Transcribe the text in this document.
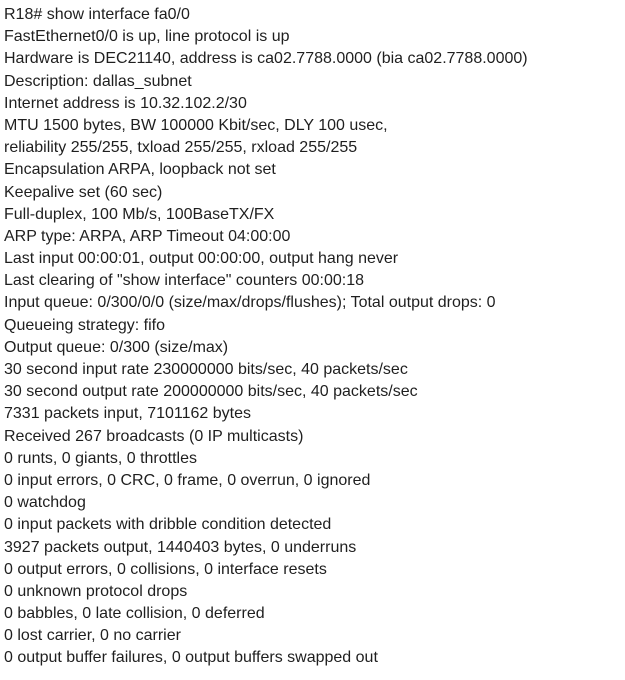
R18# show interface fa0/0
FastEthernet0/0 is up, line protocol is up
Hardware is DEC21140, address is ca02.7788.0000 (bia ca02.7788.0000)
Description: dallas_subnet
Internet address is 10.32.102.2/30
MTU 1500 bytes, BW 100000 Kbit/sec, DLY 100 usec,
reliability 255/255, txload 255/255, rxload 255/255
Encapsulation ARPA, loopback not set
Keepalive set (60 sec)
Full-duplex, 100 Mb/s, 100BaseTX/FX
ARP type: ARPA, ARP Timeout 04:00:00
Last input 00:00:01, output 00:00:00, output hang never
Last clearing of "show interface" counters 00:00:18
Input queue: 0/300/0/0 (size/max/drops/flushes); Total output drops: 0
Queueing strategy: fifo
Output queue: 0/300 (size/max)
30 second input rate 230000000 bits/sec, 40 packets/sec
30 second output rate 200000000 bits/sec, 40 packets/sec
7331 packets input, 7101162 bytes
Received 267 broadcasts (0 IP multicasts)
0 runts, 0 giants, 0 throttles
0 input errors, 0 CRC, 0 frame, 0 overrun, 0 ignored
0 watchdog
0 input packets with dribble condition detected
3927 packets output, 1440403 bytes, 0 underruns
0 output errors, 0 collisions, 0 interface resets
0 unknown protocol drops
0 babbles, 0 late collision, 0 deferred
0 lost carrier, 0 no carrier
0 output buffer failures, 0 output buffers swapped out
